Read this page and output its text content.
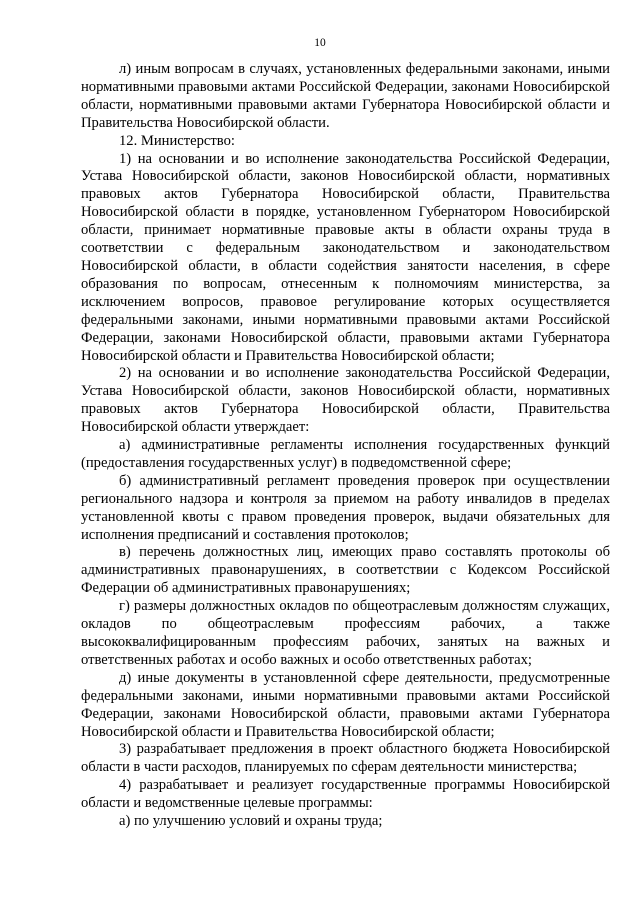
10

л) иным вопросам в случаях, установленных федеральными законами, иными нормативными правовыми актами Российской Федерации, законами Новосибирской области, нормативными правовыми актами Губернатора Новосибирской области и Правительства Новосибирской области.

12. Министерство:

1) на основании и во исполнение законодательства Российской Федерации, Устава Новосибирской области, законов Новосибирской области, нормативных правовых актов Губернатора Новосибирской области, Правительства Новосибирской области в порядке, установленном Губернатором Новосибирской области, принимает нормативные правовые акты в области охраны труда в соответствии с федеральным законодательством и законодательством Новосибирской области, в области содействия занятости населения, в сфере образования по вопросам, отнесенным к полномочиям министерства, за исключением вопросов, правовое регулирование которых осуществляется федеральными законами, иными нормативными правовыми актами Российской Федерации, законами Новосибирской области, правовыми актами Губернатора Новосибирской области и Правительства Новосибирской области;

2) на основании и во исполнение законодательства Российской Федерации, Устава Новосибирской области, законов Новосибирской области, нормативных правовых актов Губернатора Новосибирской области, Правительства Новосибирской области утверждает:

а) административные регламенты исполнения государственных функций (предоставления государственных услуг) в подведомственной сфере;

б) административный регламент проведения проверок при осуществлении регионального надзора и контроля за приемом на работу инвалидов в пределах установленной квоты с правом проведения проверок, выдачи обязательных для исполнения предписаний и составления протоколов;

в) перечень должностных лиц, имеющих право составлять протоколы об административных правонарушениях, в соответствии с Кодексом Российской Федерации об административных правонарушениях;

г) размеры должностных окладов по общеотраслевым должностям служащих, окладов по общеотраслевым профессиям рабочих, а также высококвалифицированным профессиям рабочих, занятых на важных и ответственных работах и особо важных и особо ответственных работах;

д) иные документы в установленной сфере деятельности, предусмотренные федеральными законами, иными нормативными правовыми актами Российской Федерации, законами Новосибирской области, правовыми актами Губернатора Новосибирской области и Правительства Новосибирской области;

3) разрабатывает предложения в проект областного бюджета Новосибирской области в части расходов, планируемых по сферам деятельности министерства;

4) разрабатывает и реализует государственные программы Новосибирской области и ведомственные целевые программы:

а) по улучшению условий и охраны труда;
